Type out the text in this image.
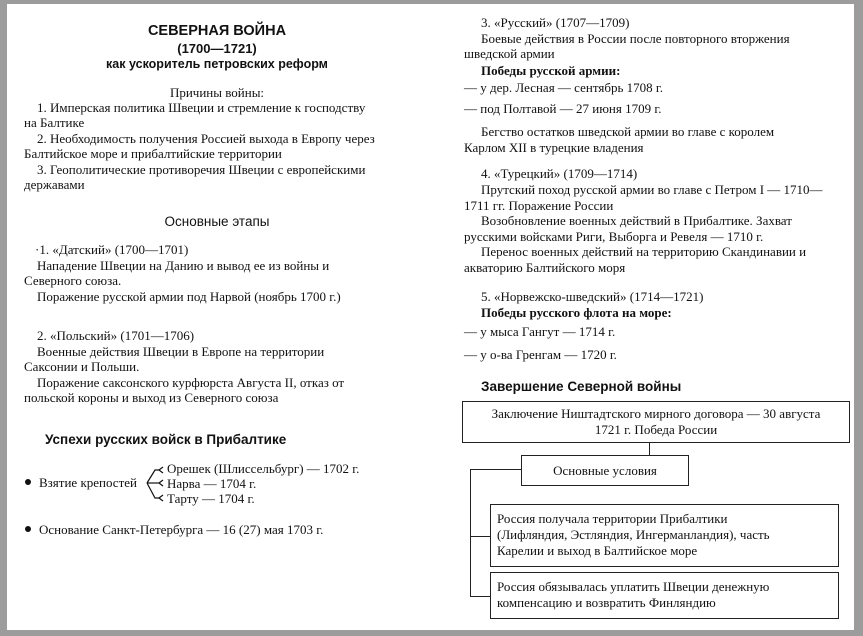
СЕВЕРНАЯ ВОЙНА
(1700—1721)
как ускоритель петровских реформ
Причины войны:
1. Имперская политика Швеции и стремление к господству
на Балтике
2. Необходимость получения Россией выхода в Европу через
Балтийское море и прибалтийские территории
3. Геополитические противоречия Швеции с европейскими
державами
Основные этапы
·1. «Датский» (1700—1701)
Нападение Швеции на Данию и вывод ее из войны и
Северного союза.
Поражение русской армии под Нарвой (ноябрь 1700 г.)
2. «Польский» (1701—1706)
Военные действия Швеции в Европе на территории
Саксонии и Польши.
Поражение саксонского курфюрста Августа II, отказ от
польской короны и выход из Северного союза
Успехи русских войск в Прибалтике
Взятие крепостей
Орешек (Шлиссельбург) — 1702 г.
Нарва — 1704 г.
Тарту — 1704 г.
Основание Санкт-Петербурга — 16 (27) мая 1703 г.
3. «Русский» (1707—1709)
Боевые действия в России после повторного вторжения
шведской армии
Победы русской армии:
— у дер. Лесная — сентябрь 1708 г.
— под Полтавой — 27 июня 1709 г.
Бегство остатков шведской армии во главе с королем
Карлом XII в турецкие владения
4. «Турецкий» (1709—1714)
Прутский поход русской армии во главе с Петром I — 1710—
1711 гг. Поражение России
Возобновление военных действий в Прибалтике. Захват
русскими войсками Риги, Выборга и Ревеля — 1710 г.
Перенос военных действий на территорию Скандинавии и
акваторию Балтийского моря
5. «Норвежско-шведский» (1714—1721)
Победы русского флота на море:
— у мыса Гангут — 1714 г.
— у о-ва Гренгам — 1720 г.
Завершение Северной войны
Заключение Ништадтского мирного договора — 30 августа
1721 г. Победа России
Основные условия
Россия получала территории Прибалтики
(Лифляндия, Эстляндия, Ингерманландия), часть
Карелии и выход в Балтийское море
Россия обязывалась уплатить Швеции денежную
компенсацию и возвратить Финляндию
